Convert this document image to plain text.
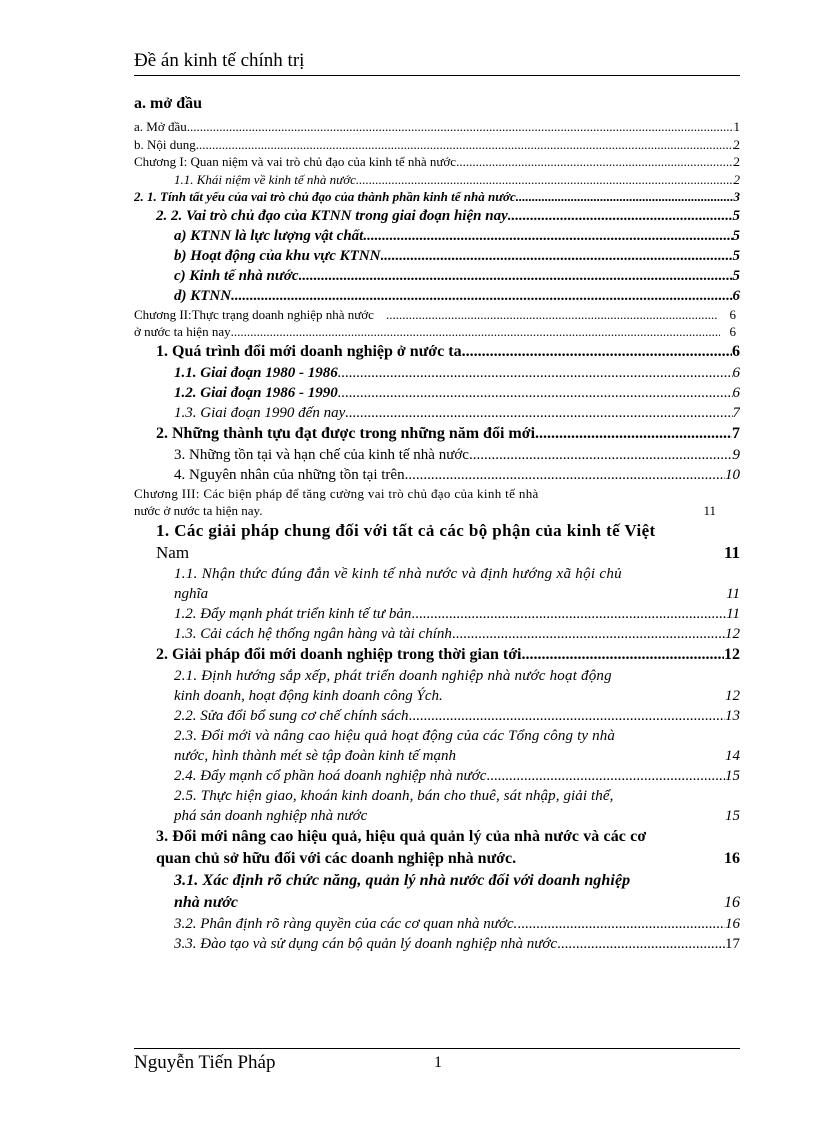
Đề án kinh tế chính trị
a. mở đầu
a. Mở đầu .....	1
b. Nội dung .....	2
Chương I: Quan niệm và vai trò chủ đạo của kinh tế nhà nước .....	2
1.1. Khái niệm về kinh tế nhà nước .....	2
2. 1. Tính tất yếu của vai trò chủ đạo của thành phần kinh tế nhà nước .....	3
2. 2. Vai trò chủ đạo của KTNN trong giai đoạn hiện nay .....	5
a) KTNN là lực lượng vật chất .....	5
b) Hoạt động của khu vực KTNN .....	5
c) Kinh tế nhà nước .....	5
d) KTNN .....	6
Chương II:Thực trạng doanh nghiệp nhà nước .....	6
ở nước ta hiện nay .....	6
1. Quá trình đổi mới doanh nghiệp ở nước ta .....	6
1.1. Giai đoạn 1980 - 1986 .....	6
1.2. Giai đoạn 1986 - 1990 .....	6
1.3. Giai đoạn 1990 đến nay .....	7
2. Những thành tựu đạt được trong những năm đổi mới .....	7
3. Những tồn tại và hạn chế của kinh tế nhà nước .....	9
4. Nguyên nhân của những tồn tại trên .....	10
Chương III: Các biện pháp để tăng cường vai trò chủ đạo của kinh tế nhà
nước ở nước ta hiện nay.	11
1. Các giải pháp chung đối với tất cả các bộ phận của kinh tế Việt
Nam	11
1.1. Nhận thức đúng đắn về kinh tế nhà nước và định hướng xã hội chủ
nghĩa	11
1.2. Đẩy mạnh phát triển kinh tế tư bản .....	11
1.3. Cải cách hệ thống ngân hàng và tài chính .....	12
2. Giải pháp đổi mới doanh nghiệp trong thời gian tới .....	12
2.1. Định hướng sắp xếp, phát triển doanh nghiệp nhà nước hoạt động
kinh doanh, hoạt động kinh doanh công Ých.	12
2.2. Sửa đổi bổ sung cơ chế chính sách .....	13
2.3. Đổi mới và nâng cao hiệu quả hoạt động của các Tổng công ty nhà
nước, hình thành mét sè tập đoàn kinh tế mạnh	14
2.4. Đẩy mạnh cổ phần hoá doanh nghiệp nhà nước .....	15
2.5. Thực hiện giao, khoán kinh doanh, bán cho thuê, sát nhập, giải thể,
phá sản doanh nghiệp nhà nước	15
3. Đổi mới nâng cao hiệu quả, hiệu quả quản lý của nhà nước và các cơ
quan chủ sở hữu đối với các doanh nghiệp nhà nước.	16
3.1. Xác định rõ chức năng, quản lý nhà nước đối với doanh nghiệp
nhà nước	16
3.2. Phân định rõ ràng quyền của các cơ quan nhà nước. .....	16
3.3. Đào tạo và sử dụng cán bộ quản lý doanh nghiệp nhà nước .....	17
Nguyễn Tiến Pháp	1
